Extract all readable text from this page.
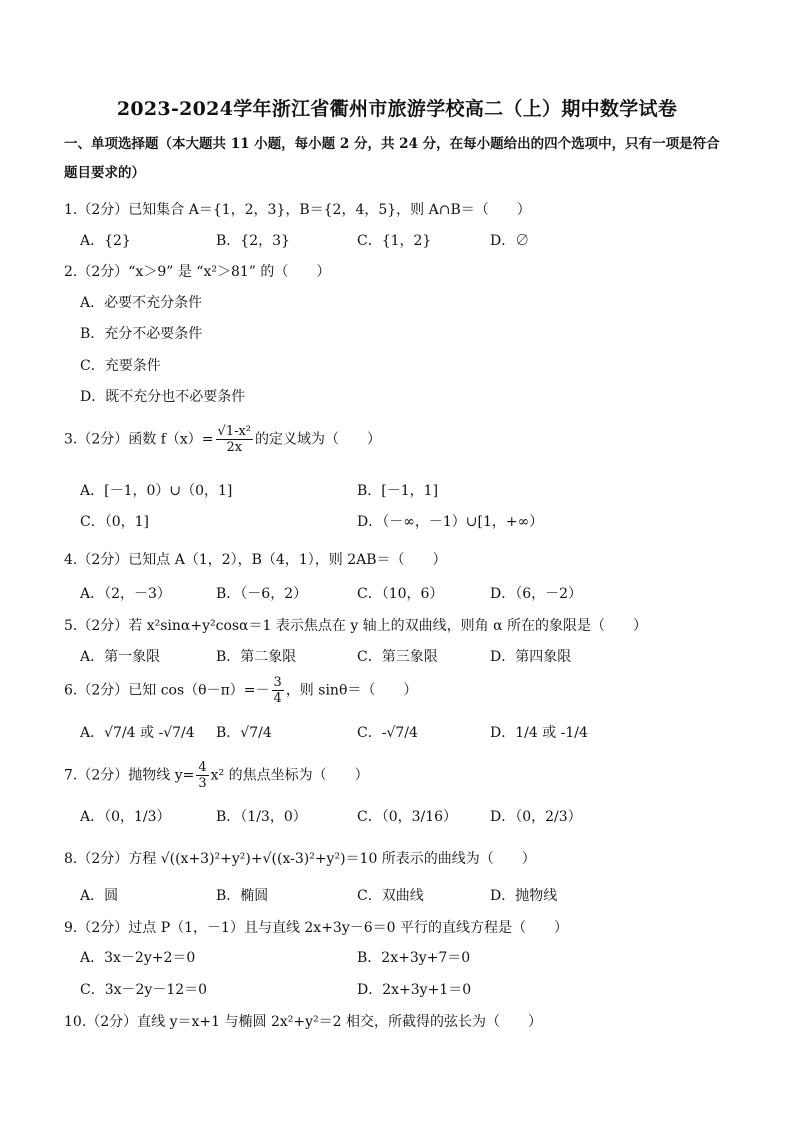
2023-2024学年浙江省衢州市旅游学校高二（上）期中数学试卷
一、单项选择题（本大题共 11 小题，每小题 2 分，共 24 分，在每小题给出的四个选项中，只有一项是符合
题目要求的）
1.（2分）已知集合 A＝{1，2，3}，B＝{2，4，5}，则 A∩B＝（　　）
A．{2}	B．{2，3}	C．{1，2}	D．∅
2.（2分）“x＞9” 是 “x²＞81” 的（　　）
A．必要不充分条件
B．充分不必要条件
C．充要条件
D．既不充分也不必要条件
3.（2分）函数 $f(x)= \frac{\text{√1-x²}}{2x}$ 的定义域为（　　）
A．[－1，0）∪（0，1]	B．[－1，1]
C．（0，1]	D．（－∞，－1）∪[1，+∞）
4.（2分）已知点 A（1，2），B（4，1），则 2AB＝（　　）
A．（2，－3）	B．（－6，2）	C．（10，6）	D．（6，－2）
5.（2分）若 x²sinα+y²cosα＝1 表示焦点在 y 轴上的双曲线，则角 α 所在的象限是（　　）
A．第一象限	B．第二象限	C．第三象限	D．第四象限
6.（2分）已知 $\cos(\theta-\pi)=- \frac{3}{4}$ ，则 sinθ＝（　　）
A．√7/4 或 -√7/4 B．√7/4	C．-√7/4	D．1/4 或 -1/4
7.（2分）抛物线 $y= \frac{4}{3} x^2$ 的焦点坐标为（　　）
A．（0，1/3）	B．（1/3，0）	C．（0，3/16） D．（0，2/3）
8.（2分）方程 √((x+3)²+y²)+√((x-3)²+y²)＝10 所表示的曲线为（　　）
A．圆	B．椭圆	C．双曲线	D．抛物线
9.（2分）过点 P（1，－1）且与直线 2x+3y－6＝0 平行的直线方程是（　　）
A．3x－2y+2＝0	B．2x+3y+7＝0
C．3x－2y－12＝0	D．2x+3y+1＝0
10.（2分）直线 y＝x+1 与椭圆 2x²+y²＝2 相交，所截得的弦长为（　　）
